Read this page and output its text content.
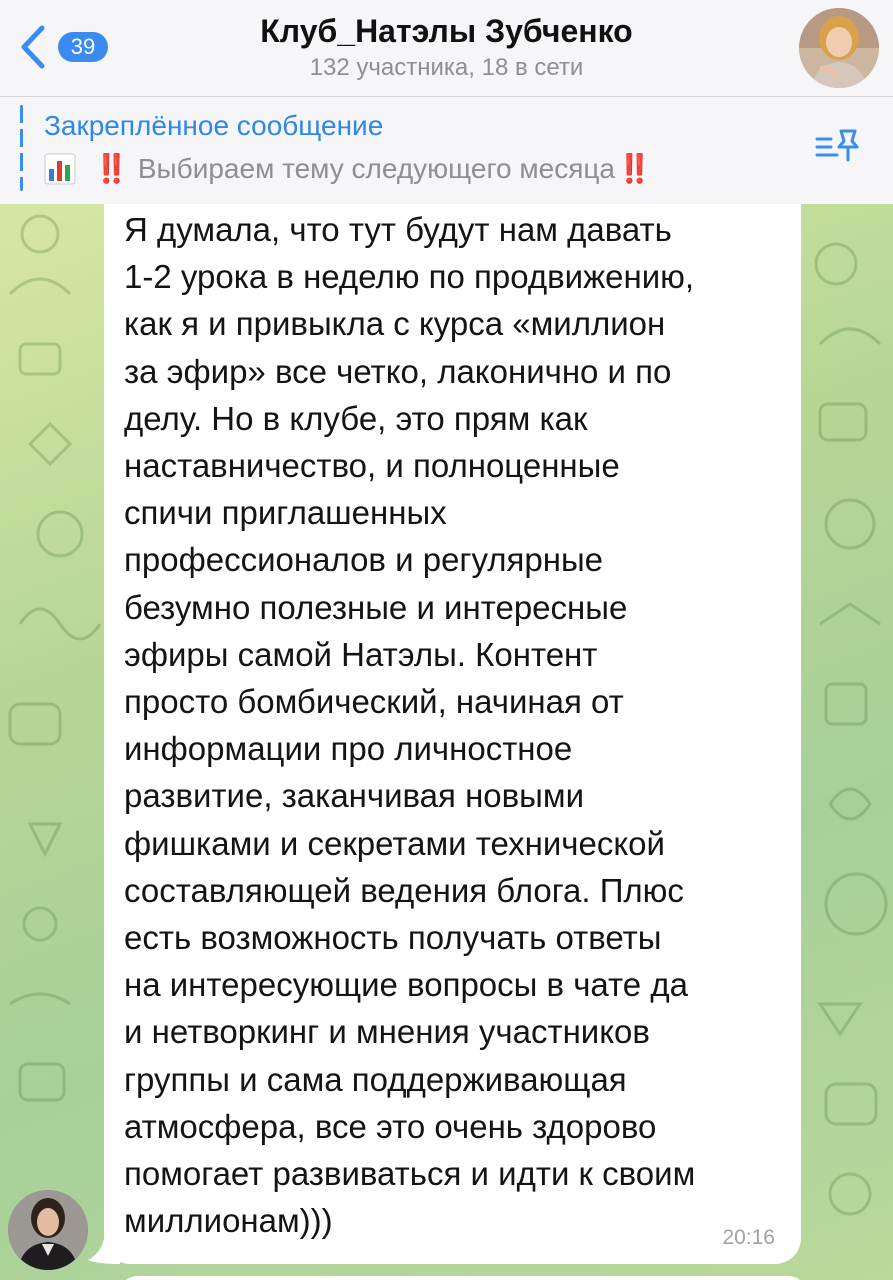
39	Клуб_Натэлы Зубченко
132 участника, 18 в сети
Закреплённое сообщение
‼️ Выбираем тему следующего месяца ‼️
Я думала, что тут будут нам давать
1-2 урока в неделю по продвижению,
как я и привыкла с курса «миллион
за эфир» все четко, лаконично и по
делу. Но в клубе, это прям как
наставничество, и полноценные
спичи приглашенных
профессионалов и регулярные
безумно полезные и интересные
эфиры самой Натэлы. Контент
просто бомбический, начиная от
информации про личностное
развитие, заканчивая новыми
фишками и секретами технической
составляющей ведения блога. Плюс
есть возможность получать ответы
на интересующие вопросы в чате да
и нетворкинг и мнения участников
группы и сама поддерживающая
атмосфера, все это очень здорово
помогает развиваться и идти к своим
миллионам)))	20:16
